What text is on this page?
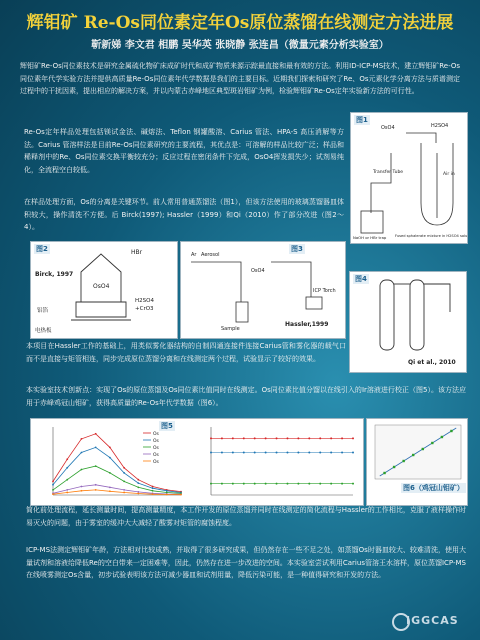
辉钼矿 Re-Os同位素定年Os原位蒸馏在线测定方法进展
靳新娣 李文君 相鹏 吴华英 张晓静 张连昌（微量元素分析实验室）

辉钼矿Re-Os同位素技术是研究金属硫化物矿床成矿时代和成矿物质来源示踪最直接和最有效的方法。利用ID-ICP-MS技术，建立辉钼矿Re-Os同位素年代学实验方法并提供高质量Re-Os同位素年代学数据是我们的主要目标。近期我们探索和研究了Re、Os元素化学分离方法与质谱测定过程中的干扰因素，提出相应的解决方案，并以内蒙古赤峰地区典型斑岩钼矿为例，检验辉钼矿Re-Os定年实验新方法的可行性。

Re-Os定年样品处理包括镁试金法、碱熔法、Teflon 钢罐酸溶、Carius 管法、HPA-S 高压消解等方法。Carius 管溶样法是目前Re-Os同位素研究的主要流程，其优点是：可溶解的样品比较广泛；样品和稀释剂中的Re、Os同位素交换平衡较充分；反应过程在密闭条件下完成，OsO4挥发损失少；试剂易纯化，全流程空白较低。

在样品处理方面，Os的分离是关键环节。前人常用普通蒸馏法（图1），但该方法使用的玻璃蒸馏器皿体积较大，操作清洗不方便。后 Birck(1997); Hassler（1999）和Qi（2010）作了部分改进（图2～4）。

图1
OsO4	H2SO4
Transfer Tube	Air in
NaOH or HBr trap Fused sphalerate mixture in H2SO4 solution
图2	HBr
Birck, 1997
OsO4
H2SO4
+CrO3
铝箔
电热板
图3
Hassler,1999
Ar Aerosol
OsO4
Sample
ICP Torch
图4
Qi et al., 2010

本项目在Hassler工作的基础上，用类似雾化器结构的自制四通连接件连接Carius管和雾化器的载气口而不是直接与矩管相连，同步完成原位蒸馏分离和在线测定两个过程，试验显示了较好的效果。

本实验室技术创新点：实现了Os的原位蒸馏及Os同位素比值同时在线测定。Os同位素比值分馏以在线引入的Ir溶液进行校正（图5）。该方法应用于赤峰鸡冠山钼矿，获得高质量的Re-Os年代学数据（图6）。

图5
Os
Os
Os
Os
Os
图6（鸡冠山钼矿）

简化前处理流程，延长测量时间，提高测量精度，本工作开发的原位蒸馏并同时在线测定的简化流程与Hassler的工作相比，克服了液样操作时易灭火的问题，由于雾室的缓冲大大减轻了酸雾对矩管的腐蚀程度。

ICP-MS法测定辉钼矿年龄，方法相对比较成熟，并取得了很多研究成果，但仍然存在一些不足之处，如蒸馏Os时器皿较大、较难清洗，使用大量试剂和溶液给降低Re的空白带来一定困难等，因此，仍然存在进一步改进的空间。本实验室尝试利用Carius管溶王水溶样，原位蒸馏ICP-MS在线喷雾测定Os含量，初步试验表明该方法可减少器皿和试剂用量，降低污染可能，是一种值得研究和开发的方法。

IGGCAS
